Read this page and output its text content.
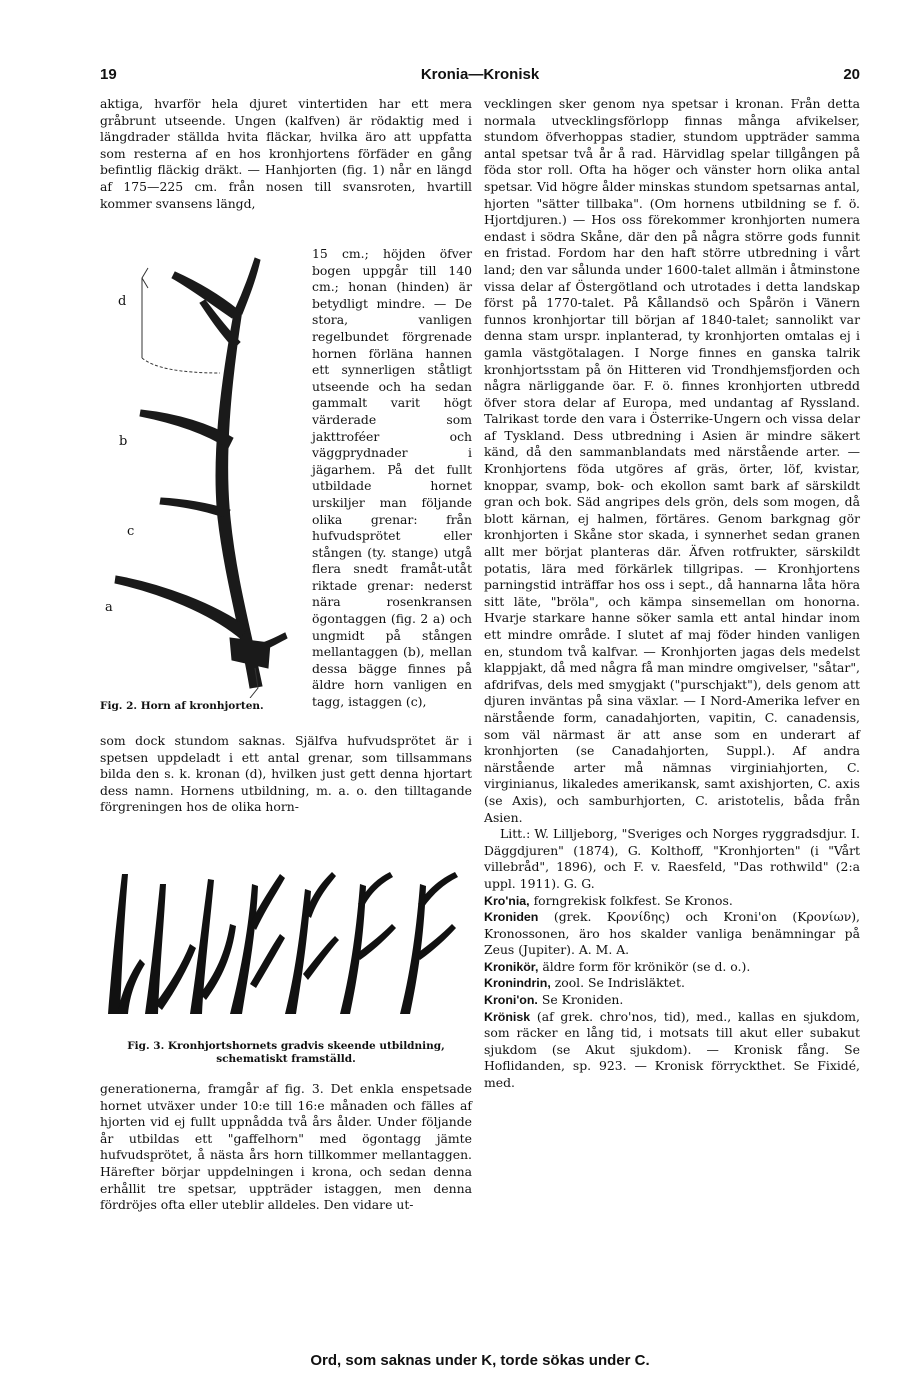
19	Kronia—Kronisk	20

aktiga, hvarför hela djuret vintertiden har ett mera gråbrunt utseende. Ungen (kalfven) är rödaktig med i längdrader ställda hvita fläckar, hvilka äro att uppfatta som resterna af en hos kronhjortens förfäder en gång befintlig fläckig dräkt. — Hanhjorten (fig. 1) når en längd af 175—225 cm. från nosen till svansroten, hvartill kommer svansens längd,

d
b
c
a

15 cm.; höjden öfver bogen uppgår till 140 cm.; honan (hinden) är betydligt mindre. — De stora, vanligen regelbundet förgrenade hornen förläna hannen ett synnerligen ståtligt utseende och ha sedan gammalt varit högt värderade som jakttroféer och väggprydnader i jägarhem. På det fullt utbildade hornet urskiljer man följande olika grenar: från hufvudsprötet eller stången (ty. stange) utgå flera snedt framåt-utåt riktade grenar: nederst nära rosenkransen ögontaggen (fig. 2 a) och ungmidt på stången mellantaggen (b), mellan dessa bägge finnes på äldre horn vanligen en tagg, istaggen (c),

Fig. 2. Horn af kronhjorten.

som dock stundom saknas. Själfva hufvudsprötet är i spetsen uppdeladt i ett antal grenar, som tillsammans bilda den s. k. kronan (d), hvilken just gett denna hjortart dess namn. Hornens utbildning, m. a. o. den tilltagande förgreningen hos de olika horn-

Fig. 3. Kronhjortshornets gradvis skeende utbildning, schematiskt framställd.

generationerna, framgår af fig. 3. Det enkla enspetsade hornet utväxer under 10:e till 16:e månaden och fälles af hjorten vid ej fullt uppnådda två års ålder. Under följande år utbildas ett "gaffelhorn" med ögontagg jämte hufvudsprötet, å nästa års horn tillkommer mellantaggen. Härefter börjar uppdelningen i krona, och sedan denna erhållit tre spetsar, uppträder istaggen, men denna fördröjes ofta eller uteblir alldeles. Den vidare ut-

vecklingen sker genom nya spetsar i kronan. Från detta normala utvecklingsförlopp finnas många afvikelser, stundom öfverhoppas stadier, stundom uppträder samma antal spetsar två år å rad. Härvidlag spelar tillgången på föda stor roll. Ofta ha höger och vänster horn olika antal spetsar. Vid högre ålder minskas stundom spetsarnas antal, hjorten "sätter tillbaka". (Om hornens utbildning se f. ö. Hjortdjuren.) — Hos oss förekommer kronhjorten numera endast i södra Skåne, där den på några större gods funnit en fristad. Fordom har den haft större utbredning i vårt land; den var sålunda under 1600-talet allmän i åtminstone vissa delar af Östergötland och utrotades i detta landskap först på 1770-talet. På Kållandsö och Spårön i Vänern funnos kronhjortar till början af 1840-talet; sannolikt var denna stam urspr. inplanterad, ty kronhjorten omtalas ej i gamla västgötalagen. I Norge finnes en ganska talrik kronhjortsstam på ön Hitteren vid Trondhjemsfjorden och några närliggande öar. F. ö. finnes kronhjorten utbredd öfver stora delar af Europa, med undantag af Ryssland. Talrikast torde den vara i Österrike-Ungern och vissa delar af Tyskland. Dess utbredning i Asien är mindre säkert känd, då den sammanblandats med närstående arter. — Kronhjortens föda utgöres af gräs, örter, löf, kvistar, knoppar, svamp, bok- och ekollon samt bark af särskildt gran och bok. Säd angripes dels grön, dels som mogen, då blott kärnan, ej halmen, förtäres. Genom barkgnag gör kronhjorten i Skåne stor skada, i synnerhet sedan granen allt mer börjat planteras där. Äfven rotfrukter, särskildt potatis, lära med förkärlek tillgripas. — Kronhjortens parningstid inträffar hos oss i sept., då hannarna låta höra sitt läte, "bröla", och kämpa sinsemellan om honorna. Hvarje starkare hanne söker samla ett antal hindar inom ett mindre område. I slutet af maj föder hinden vanligen en, stundom två kalfvar. — Kronhjorten jagas dels medelst klappjakt, då med några få man mindre omgivelser, "såtar", afdrifvas, dels med smygjakt ("purschjakt"), dels genom att djuren inväntas på sina växlar. — I Nord-Amerika lefver en närstående form, canadahjorten, vapitin, C. canadensis, som väl närmast är att anse som en underart af kronhjorten (se Canadahjorten, Suppl.). Af andra närstående arter må nämnas virginiahjorten, C. virginianus, likaledes amerikansk, samt axishjorten, C. axis (se Axis), och samburhjorten, C. aristotelis, båda från Asien.

Litt.: W. Lilljeborg, "Sveriges och Norges ryggradsdjur. I. Däggdjuren" (1874), G. Kolthoff, "Kronhjorten" (i "Vårt villebråd", 1896), och F. v. Raesfeld, "Das rothwild" (2:a uppl. 1911). G. G.

Kro'nia, forngrekisk folkfest. Se Kronos.

Kroniden (grek. Κρονίδης) och Kroni'on (Κρονίων), Kronossonen, äro hos skalder vanliga benämningar på Zeus (Jupiter). A. M. A.

Kronikör, äldre form för krönikör (se d. o.).

Kronindrin, zool. Se Indrisläktet.

Kroni'on. Se Kroniden.

Krönisk (af grek. chro'nos, tid), med., kallas en sjukdom, som räcker en lång tid, i motsats till akut eller subakut sjukdom (se Akut sjukdom). — Kronisk fång. Se Hoflidanden, sp. 923. — Kronisk förryckthet. Se Fixidé, med.

Ord, som saknas under K, torde sökas under C.
